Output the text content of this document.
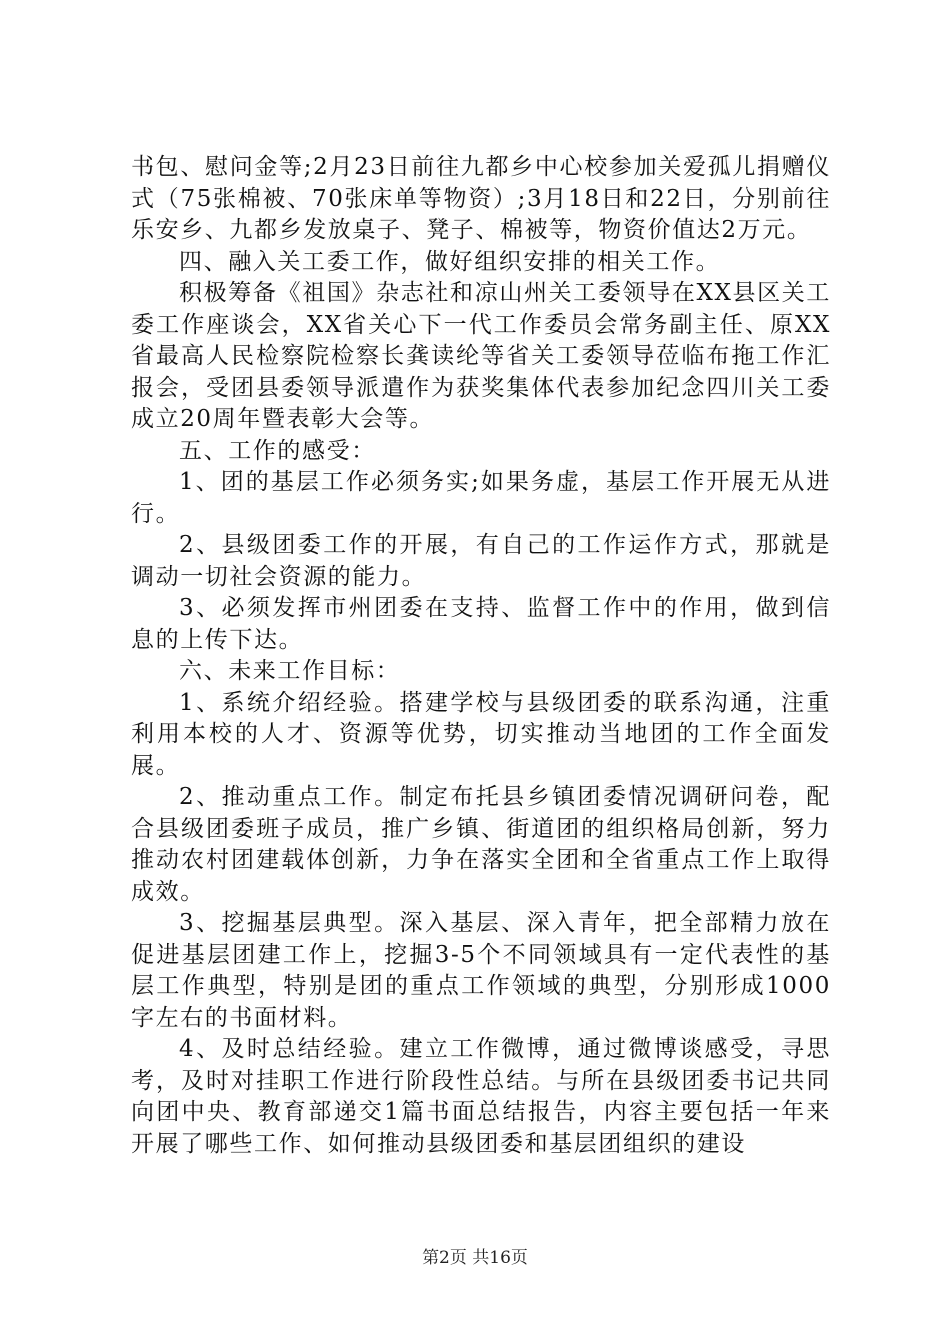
书包、慰问金等;2月23日前往九都乡中心校参加关爱孤儿捐赠仪式（75张棉被、70张床单等物资）;3月18日和22日，分别前往乐安乡、九都乡发放桌子、凳子、棉被等，物资价值达2万元。

四、融入关工委工作，做好组织安排的相关工作。

积极筹备《祖国》杂志社和凉山州关工委领导在XX县区关工委工作座谈会，XX省关心下一代工作委员会常务副主任、原XX省最高人民检察院检察长龚读纶等省关工委领导莅临布拖工作汇报会，受团县委领导派遣作为获奖集体代表参加纪念四川关工委成立20周年暨表彰大会等。

五、工作的感受：

1、团的基层工作必须务实;如果务虚，基层工作开展无从进行。

2、县级团委工作的开展，有自己的工作运作方式，那就是调动一切社会资源的能力。

3、必须发挥市州团委在支持、监督工作中的作用，做到信息的上传下达。

六、未来工作目标：

1、系统介绍经验。搭建学校与县级团委的联系沟通，注重利用本校的人才、资源等优势，切实推动当地团的工作全面发展。

2、推动重点工作。制定布托县乡镇团委情况调研问卷，配合县级团委班子成员，推广乡镇、街道团的组织格局创新，努力推动农村团建载体创新，力争在落实全团和全省重点工作上取得成效。

3、挖掘基层典型。深入基层、深入青年，把全部精力放在促进基层团建工作上，挖掘3-5个不同领域具有一定代表性的基层工作典型，特别是团的重点工作领域的典型，分别形成1000字左右的书面材料。

4、及时总结经验。建立工作微博，通过微博谈感受，寻思考，及时对挂职工作进行阶段性总结。与所在县级团委书记共同向团中央、教育部递交1篇书面总结报告，内容主要包括一年来开展了哪些工作、如何推动县级团委和基层团组织的建设

第2页 共16页
